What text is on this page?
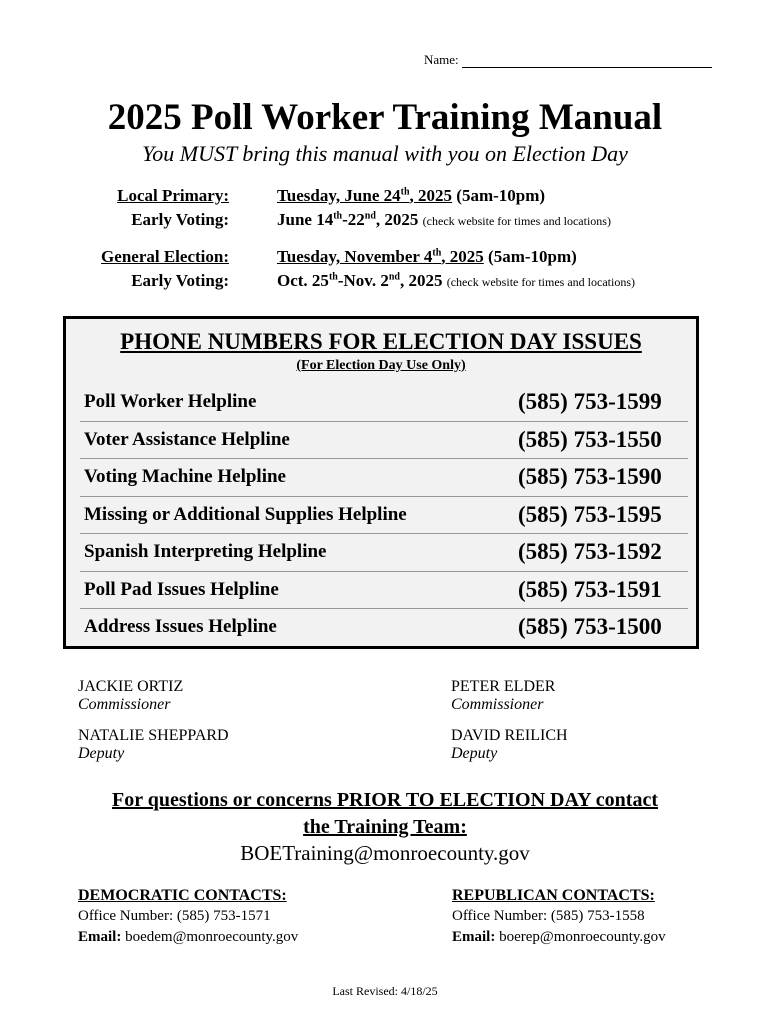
Name:
2025 Poll Worker Training Manual
You MUST bring this manual with you on Election Day
Local Primary:	Tuesday, June 24th, 2025 (5am-10pm)
Early Voting:	June 14th-22nd, 2025 (check website for times and locations)
General Election:	Tuesday, November 4th, 2025 (5am-10pm)
Early Voting:	Oct. 25th-Nov. 2nd, 2025 (check website for times and locations)
PHONE NUMBERS FOR ELECTION DAY ISSUES
(For Election Day Use Only)
Poll Worker Helpline	(585) 753-1599
Voter Assistance Helpline	(585) 753-1550
Voting Machine Helpline	(585) 753-1590
Missing or Additional Supplies Helpline	(585) 753-1595
Spanish Interpreting Helpline	(585) 753-1592
Poll Pad Issues Helpline	(585) 753-1591
Address Issues Helpline	(585) 753-1500
JACKIE ORTIZ
Commissioner
PETER ELDER
Commissioner
NATALIE SHEPPARD
Deputy
DAVID REILICH
Deputy
For questions or concerns PRIOR TO ELECTION DAY contact
the Training Team:
BOETraining@monroecounty.gov
DEMOCRATIC CONTACTS:
Office Number: (585) 753-1571
Email: boedem@monroecounty.gov
REPUBLICAN CONTACTS:
Office Number: (585) 753-1558
Email: boerep@monroecounty.gov
Last Revised: 4/18/25
